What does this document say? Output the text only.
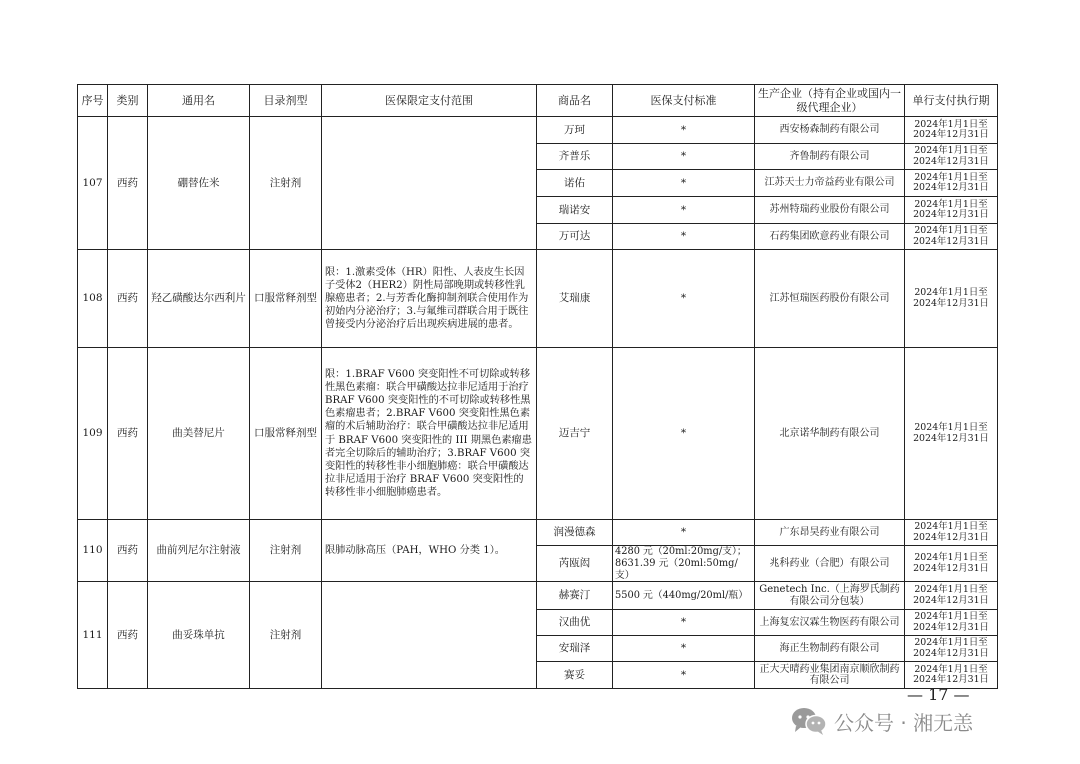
序号	类别	通用名	目录剂型	医保限定支付范围	商品名	医保支付标准	生产企业（持有企业或国内一级代理企业）	单行支付执行期
107	西药	硼替佐米	注射剂		万珂	*	西安杨森制药有限公司	2024年1月1日至2024年12月31日
					齐普乐	*	齐鲁制药有限公司	2024年1月1日至2024年12月31日
					诺佑	*	江苏天士力帝益药业有限公司	2024年1月1日至2024年12月31日
					瑞诺安	*	苏州特瑞药业股份有限公司	2024年1月1日至2024年12月31日
					万可达	*	石药集团欧意药业有限公司	2024年1月1日至2024年12月31日
108	西药	羟乙磺酸达尔西利片	口服常释剂型	限：1.激素受体（HR）阳性、人表皮生长因子受体2（HER2）阴性局部晚期或转移性乳腺癌患者；2.与芳香化酶抑制剂联合使用作为初始内分泌治疗；3.与氟维司群联合用于既往曾接受内分泌治疗后出现疾病进展的患者。	艾瑞康	*	江苏恒瑞医药股份有限公司	2024年1月1日至2024年12月31日
109	西药	曲美替尼片	口服常释剂型	限：1.BRAF V600 突变阳性不可切除或转移性黑色素瘤：联合甲磺酸达拉非尼适用于治疗 BRAF V600 突变阳性的不可切除或转移性黑色素瘤患者；2.BRAF V600 突变阳性黑色素瘤的术后辅助治疗：联合甲磺酸达拉非尼适用于 BRAF V600 突变阳性的 III 期黑色素瘤患者完全切除后的辅助治疗；3.BRAF V600 突变阳性的转移性非小细胞肺癌：联合甲磺酸达拉非尼适用于治疗 BRAF V600 突变阳性的转移性非小细胞肺癌患者。	迈吉宁	*	北京诺华制药有限公司	2024年1月1日至2024年12月31日
110	西药	曲前列尼尔注射液	注射剂	限肺动脉高压（PAH，WHO 分类 1）。	润漫德森	*	广东昂昊药业有限公司	2024年1月1日至2024年12月31日
					芮瓯闳	4280 元（20ml:20mg/支）；8631.39 元（20ml:50mg/支）	兆科药业（合肥）有限公司	2024年1月1日至2024年12月31日
111	西药	曲妥珠单抗	注射剂		赫赛汀	5500 元（440mg/20ml/瓶）	Genetech Inc.（上海罗氏制药有限公司分包装）	2024年1月1日至2024年12月31日
					汉曲优	*	上海复宏汉霖生物医药有限公司	2024年1月1日至2024年12月31日
					安瑞泽	*	海正生物制药有限公司	2024年1月1日至2024年12月31日
					赛妥	*	正大天晴药业集团南京顺欣制药有限公司	2024年1月1日至2024年12月31日
— 17 —
公众号 · 湘无恙
